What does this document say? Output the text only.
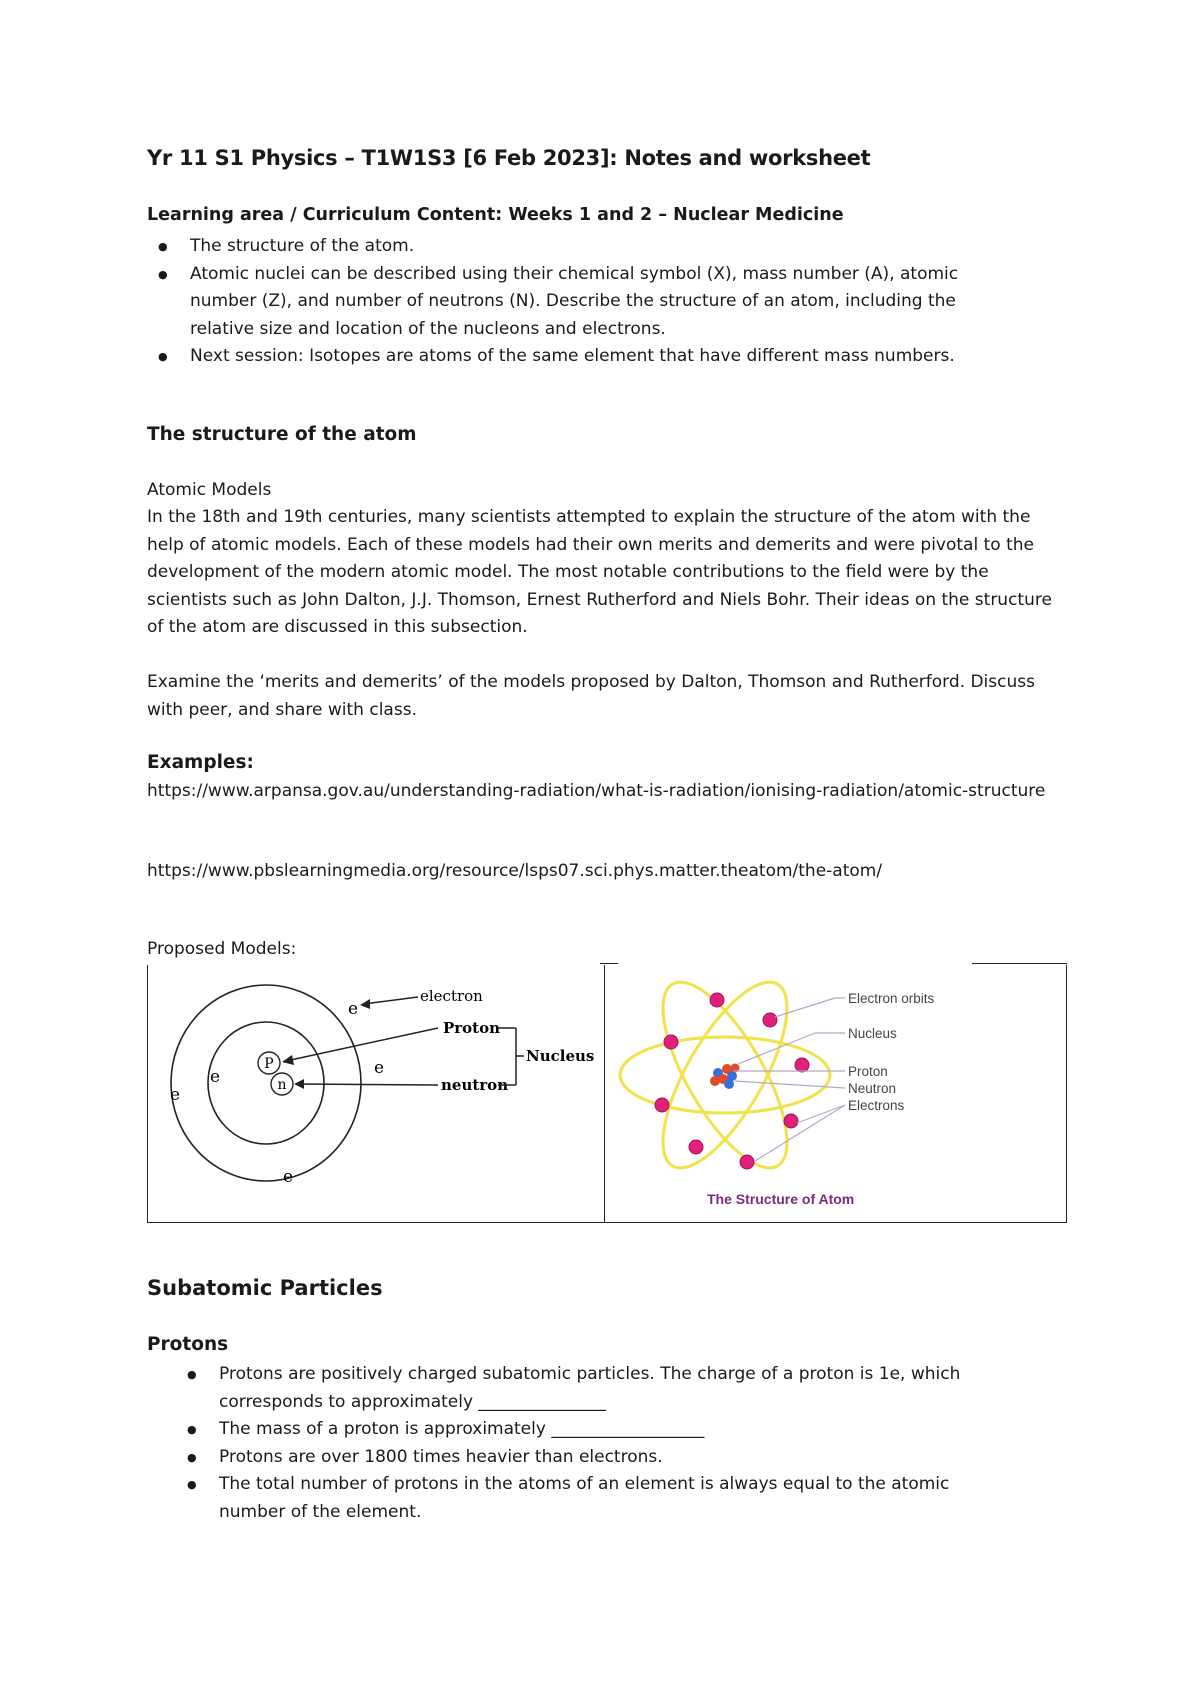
Yr 11 S1 Physics – T1W1S3 [6 Feb 2023]: Notes and worksheet
Learning area / Curriculum Content: Weeks 1 and 2 – Nuclear Medicine
● The structure of the atom.
● Atomic nuclei can be described using their chemical symbol (X), mass number (A), atomic number (Z), and number of neutrons (N). Describe the structure of an atom, including the relative size and location of the nucleons and electrons.
● Next session: Isotopes are atoms of the same element that have different mass numbers.
The structure of the atom
Atomic Models
In the 18th and 19th centuries, many scientists attempted to explain the structure of the atom with the help of atomic models. Each of these models had their own merits and demerits and were pivotal to the development of the modern atomic model. The most notable contributions to the field were by the scientists such as John Dalton, J.J. Thomson, Ernest Rutherford and Niels Bohr. Their ideas on the structure of the atom are discussed in this subsection.
Examine the ‘merits and demerits’ of the models proposed by Dalton, Thomson and Rutherford. Discuss with peer, and share with class.
Examples:
https://www.arpansa.gov.au/understanding-radiation/what-is-radiation/ionising-radiation/atomic-structure
https://www.pbslearningmedia.org/resource/lsps07.sci.phys.matter.theatom/the-atom/
Proposed Models:
P
n
e
e	e
e
e
electron
Proton
neutron
Nucleus
Electron orbits
Nucleus
Proton
Neutron
Electrons
The Structure of Atom
Subatomic Particles
Protons
● Protons are positively charged subatomic particles. The charge of a proton is 1e, which corresponds to approximately _______________
● The mass of a proton is approximately __________________
● Protons are over 1800 times heavier than electrons.
● The total number of protons in the atoms of an element is always equal to the atomic number of the element.
